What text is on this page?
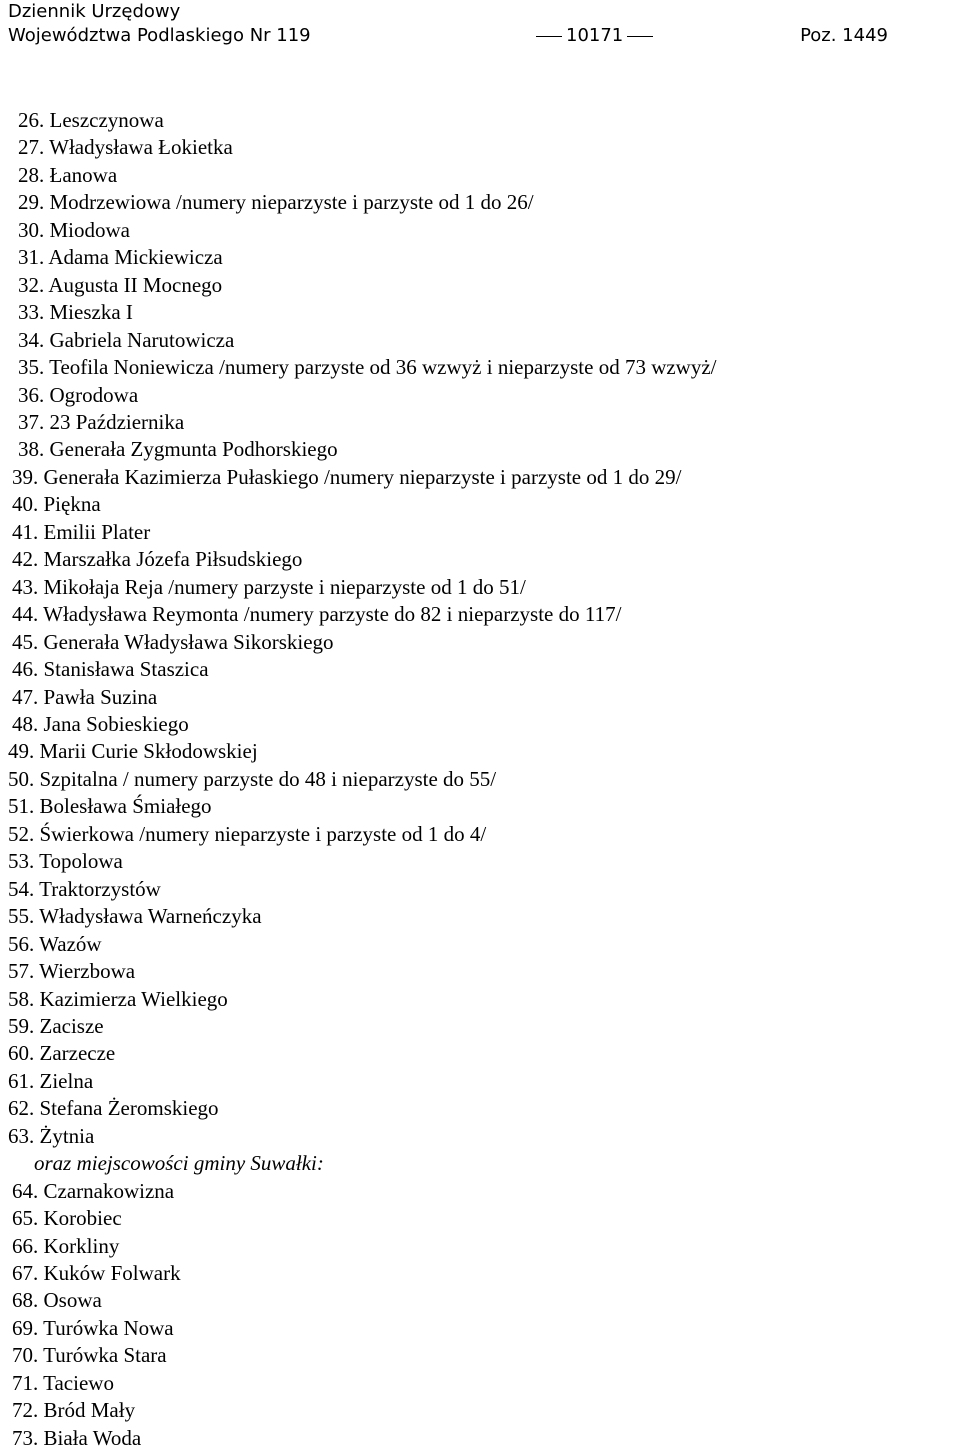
Dziennik Urzędowy
Województwa Podlaskiego Nr 119	10171	Poz. 1449
26. Leszczynowa
27. Władysława Łokietka
28. Łanowa
29. Modrzewiowa /numery nieparzyste i parzyste od 1 do 26/
30. Miodowa
31. Adama Mickiewicza
32. Augusta II Mocnego
33. Mieszka I
34. Gabriela Narutowicza
35. Teofila Noniewicza /numery parzyste od 36 wzwyż i nieparzyste od 73 wzwyż/
36. Ogrodowa
37. 23 Października
38. Generała Zygmunta Podhorskiego
39. Generała Kazimierza Pułaskiego /numery nieparzyste i parzyste od 1 do 29/
40. Piękna
41. Emilii Plater
42. Marszałka Józefa Piłsudskiego
43. Mikołaja Reja /numery parzyste i nieparzyste od 1 do 51/
44. Władysława Reymonta /numery parzyste do 82 i nieparzyste do 117/
45. Generała Władysława Sikorskiego
46. Stanisława Staszica
47. Pawła Suzina
48. Jana Sobieskiego
49. Marii Curie Skłodowskiej
50. Szpitalna / numery parzyste do 48 i nieparzyste do 55/
51. Bolesława Śmiałego
52. Świerkowa /numery nieparzyste i parzyste od 1 do 4/
53. Topolowa
54. Traktorzystów
55. Władysława Warneńczyka
56. Wazów
57. Wierzbowa
58. Kazimierza Wielkiego
59. Zacisze
60. Zarzecze
61. Zielna
62. Stefana Żeromskiego
63. Żytnia
oraz miejscowości gminy Suwałki:
64. Czarnakowizna
65. Korobiec
66. Korkliny
67. Kuków Folwark
68. Osowa
69. Turówka Nowa
70. Turówka Stara
71. Taciewo
72. Bród Mały
73. Biała Woda
